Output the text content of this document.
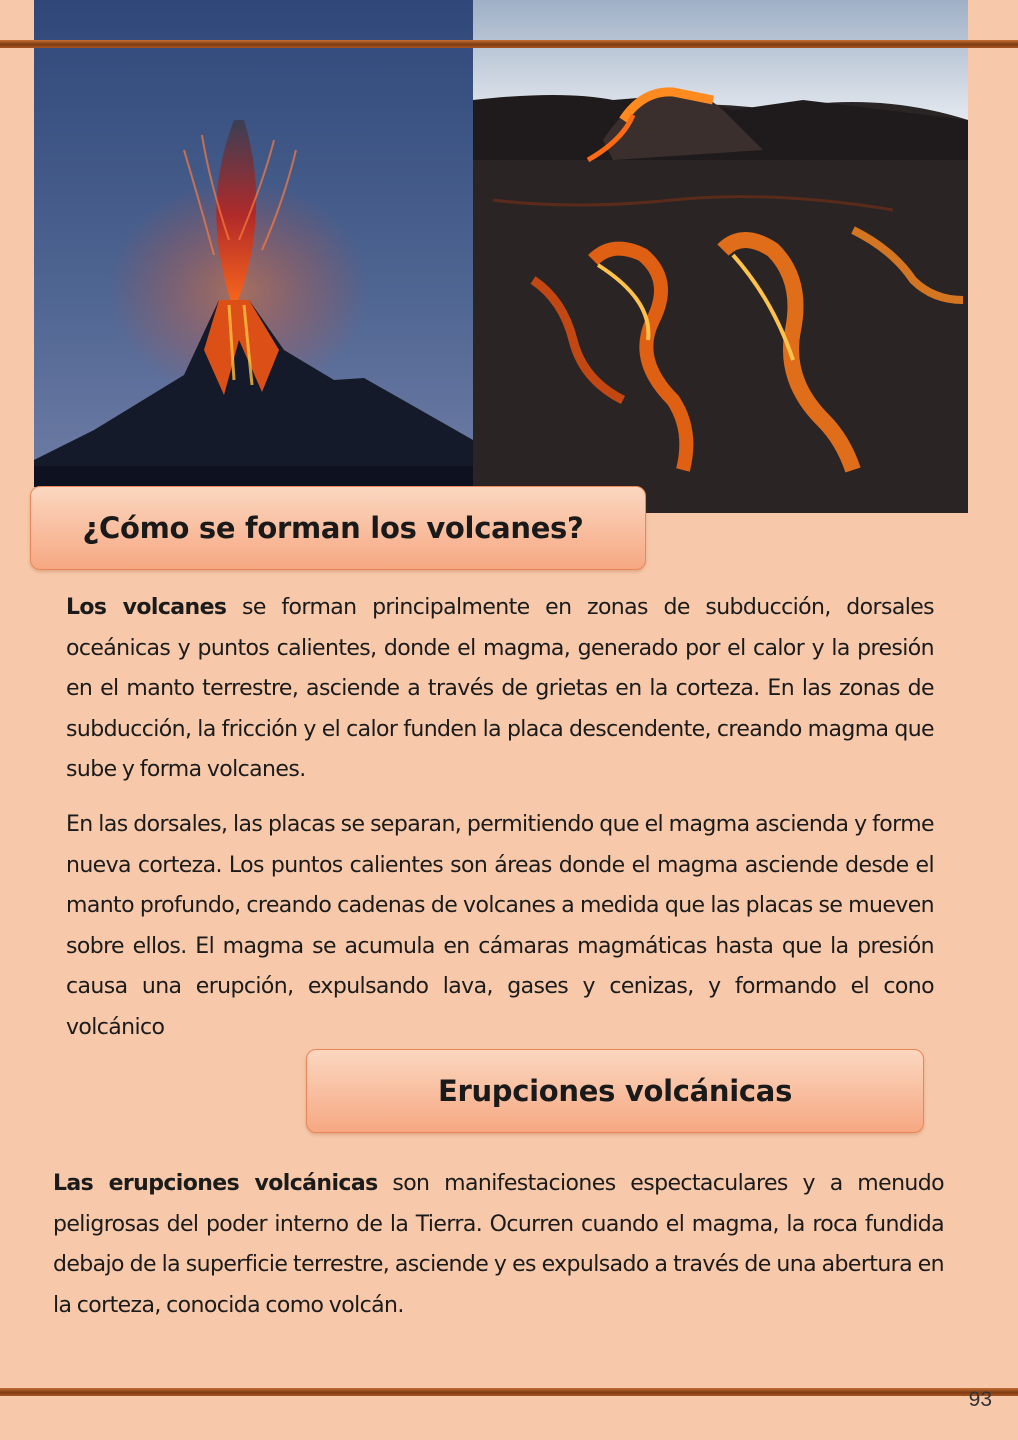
¿Cómo se forman los volcanes?

Los volcanes se forman principalmente en zonas de subducción, dorsales oceánicas y puntos calientes, donde el magma, generado por el calor y la presión en el manto terrestre, asciende a través de grietas en la corteza. En las zonas de subducción, la fricción y el calor funden la placa descendente, creando magma que sube y forma volcanes.

En las dorsales, las placas se separan, permitiendo que el magma ascienda y forme nueva corteza. Los puntos calientes son áreas donde el magma asciende desde el manto profundo, creando cadenas de volcanes a medida que las placas se mueven sobre ellos. El magma se acumula en cámaras magmáticas hasta que la presión causa una erupción, expulsando lava, gases y cenizas, y formando el cono volcánico

Erupciones volcánicas

Las erupciones volcánicas son manifestaciones espectaculares y a menudo peligrosas del poder interno de la Tierra. Ocurren cuando el magma, la roca fundida debajo de la superficie terrestre, asciende y es expulsado a través de una abertura en la corteza, conocida como volcán.

93
